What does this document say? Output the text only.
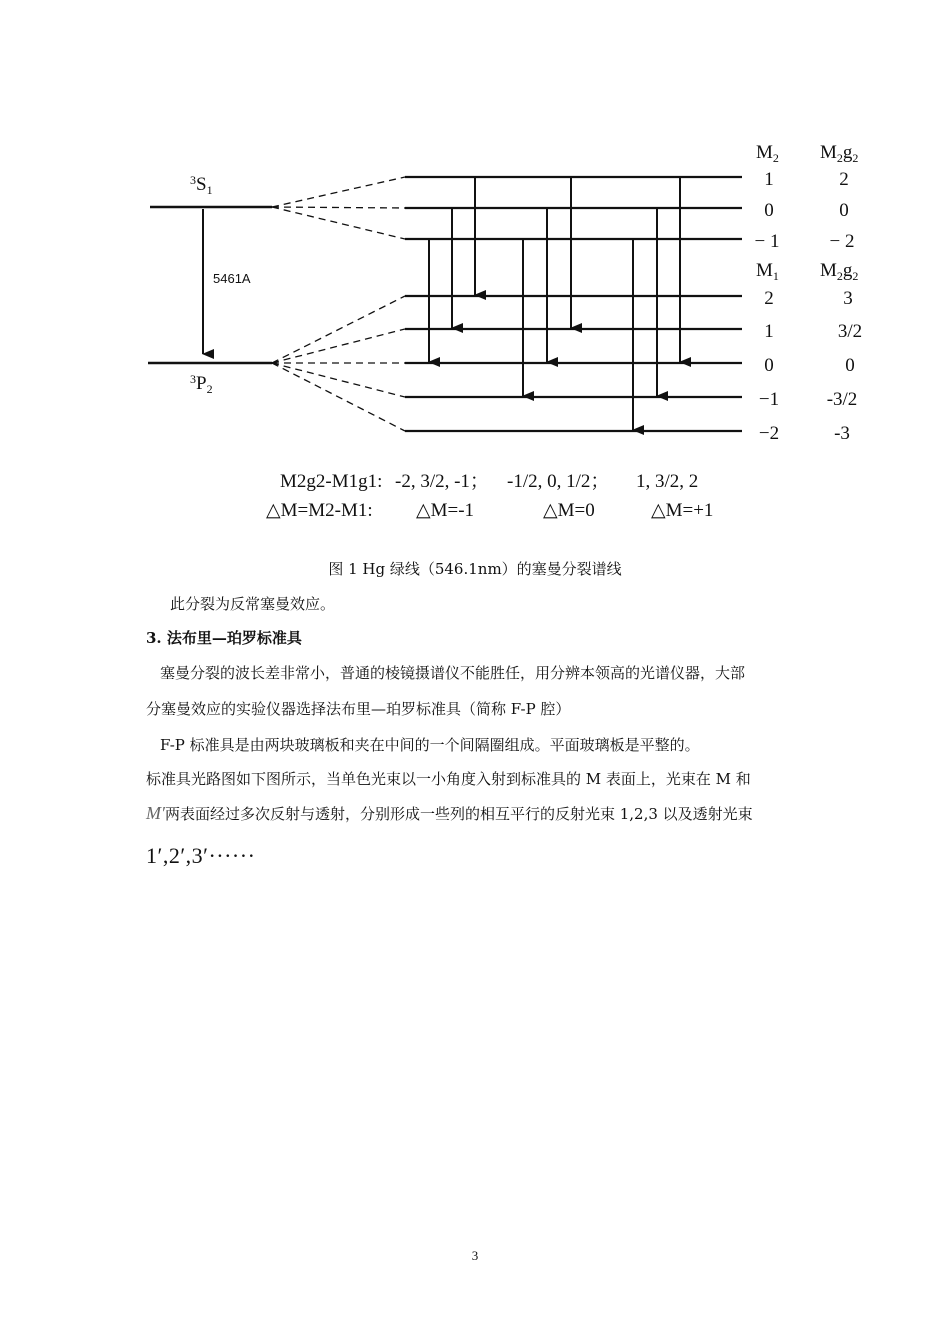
$^3S_1$
$^3P_2$
5461A
$M_2$ $M_2g_2$
1
0
− 1
2
0
− 2
$M_1$ $M_2g_2$
2
1
0
−1
−2
3
3/2
0
-3/2
-3
M2g2-M1g1: -2, 3/2, -1； -1/2, 0, 1/2； 1, 3/2, 2
△M=M2-M1: △M=-1	△M=0	△M=+1
图 1 Hg 绿线（546.1nm）的塞曼分裂谱线
此分裂为反常塞曼效应。
3. 法布里—珀罗标准具
塞曼分裂的波长差非常小，普通的棱镜摄谱仪不能胜任，用分辨本领高的光谱仪器，大部
分塞曼效应的实验仪器选择法布里—珀罗标准具（简称 F-P 腔）
F-P 标准具是由两块玻璃板和夹在中间的一个间隔圈组成。平面玻璃板是平整的。
标准具光路图如下图所示，当单色光束以一小角度入射到标准具的 M 表面上，光束在 M 和
M′两表面经过多次反射与透射，分别形成一些列的相互平行的反射光束 1,2,3 以及透射光束
1′,2′,3′······
3
